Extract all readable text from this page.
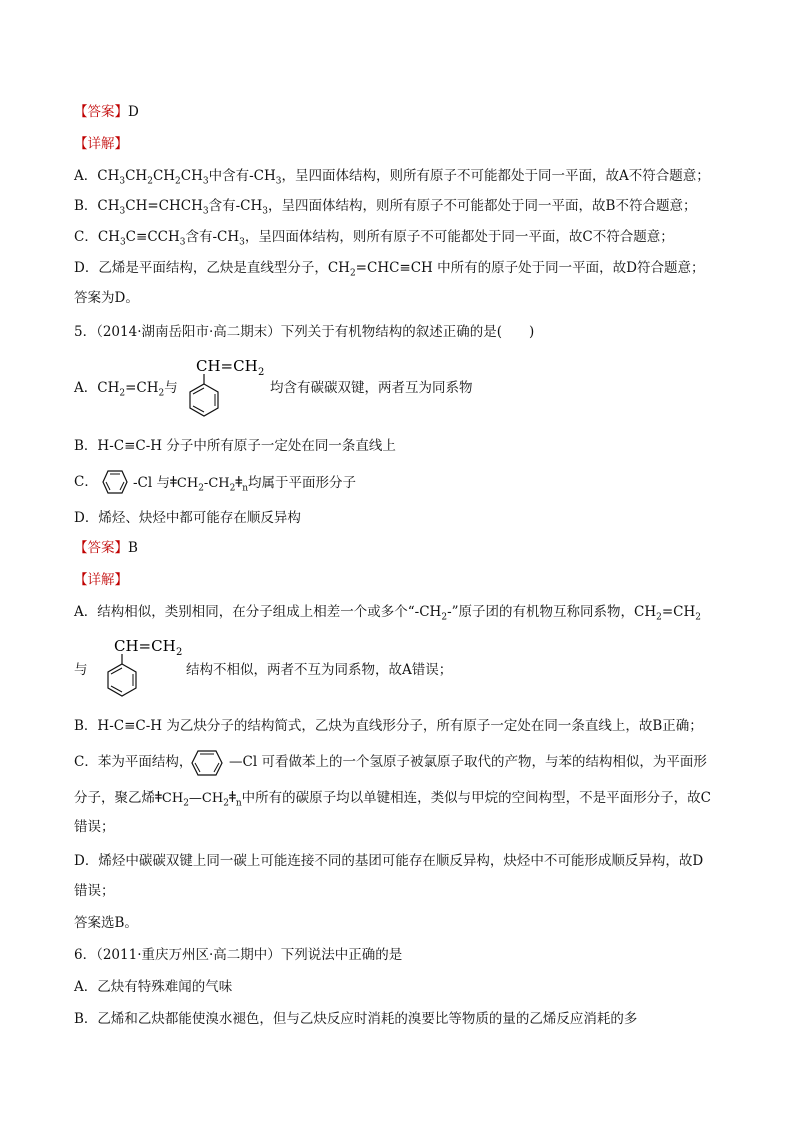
【答案】D
【详解】
A．$CH_3CH_2CH_2CH_3$中含有$-CH_3$，呈四面体结构，则所有原子不可能都处于同一平面，故A不符合题意；
B．$CH_3CH=CHCH_3$含有$-CH_3$，呈四面体结构，则所有原子不可能都处于同一平面，故B不符合题意；
C．$CH_3C\equiv CCH_3$含有$-CH_3$，呈四面体结构，则所有原子不可能都处于同一平面，故C不符合题意；
D．乙烯是平面结构，乙炔是直线型分子，$CH_2=CHC\equiv CH$ 中所有的原子处于同一平面，故D符合题意；
答案为D。
5．（2014·湖南岳阳市·高二期末）下列关于有机物结构的叙述正确的是(　　)
CH=CH 2
A．$CH_2=CH_2$与	均含有碳碳双键，两者互为同系物
B．H-C≡C-H 分子中所有原子一定处在同一条直线上
C．	-Cl 与$ǂCH_2-CH_2ǂ_n$均属于平面形分子
D．烯烃、炔烃中都可能存在顺反异构
【答案】B
【详解】
A．结构相似，类别相同，在分子组成上相差一个或多个“$-CH_2-$”原子团的有机物互称同系物，$CH_2=CH_2$
CH=CH 2
与	结构不相似，两者不互为同系物，故A错误；
B．H-C≡C-H 为乙炔分子的结构简式，乙炔为直线形分子，所有原子一定处在同一条直线上，故B正确；
C．苯为平面结构，	—Cl 可看做苯上的一个氢原子被氯原子取代的产物，与苯的结构相似，为平面形
分子，聚乙烯$ǂCH_2—CH_2ǂ_n$中所有的碳原子均以单键相连，类似与甲烷的空间构型，不是平面形分子，故C
错误；
D．烯烃中碳碳双键上同一碳上可能连接不同的基团可能存在顺反异构，炔烃中不可能形成顺反异构，故D
错误；
答案选B。
6．（2011·重庆万州区·高二期中）下列说法中正确的是
A．乙炔有特殊难闻的气味
B．乙烯和乙炔都能使溴水褪色，但与乙炔反应时消耗的溴要比等物质的量的乙烯反应消耗的多
